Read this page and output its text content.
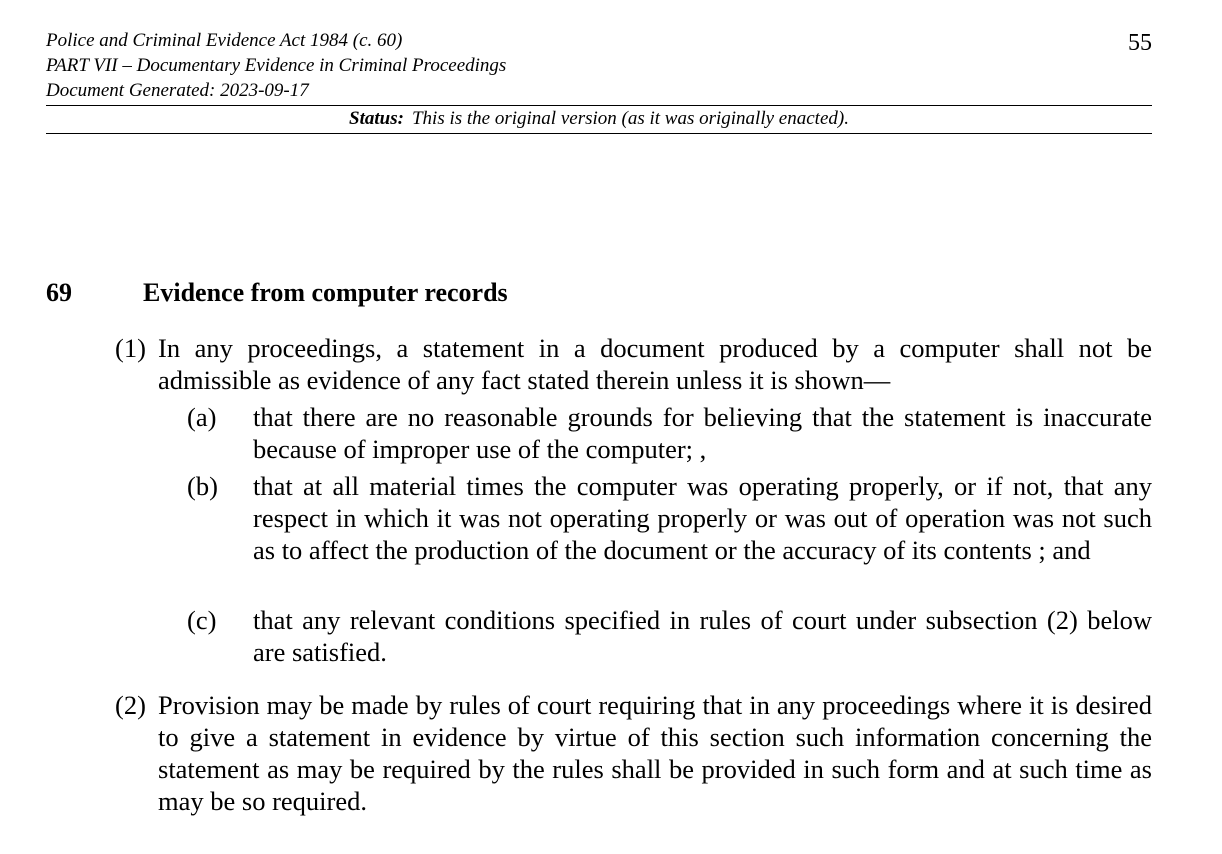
Police and Criminal Evidence Act 1984 (c. 60)
PART VII – Documentary Evidence in Criminal Proceedings
Document Generated: 2023-09-17
55
Status: This is the original version (as it was originally enacted).
69	Evidence from computer records
(1) In any proceedings, a statement in a document produced by a computer shall not be admissible as evidence of any fact stated therein unless it is shown—
(a) that there are no reasonable grounds for believing that the statement is inaccurate because of improper use of the computer; ,
(b) that at all material times the computer was operating properly, or if not, that any respect in which it was not operating properly or was out of operation was not such as to affect the production of the document or the accuracy of its contents ; and
(c) that any relevant conditions specified in rules of court under subsection (2) below are satisfied.
(2) Provision may be made by rules of court requiring that in any proceedings where it is desired to give a statement in evidence by virtue of this section such information concerning the statement as may be required by the rules shall be provided in such form and at such time as may be so required.
